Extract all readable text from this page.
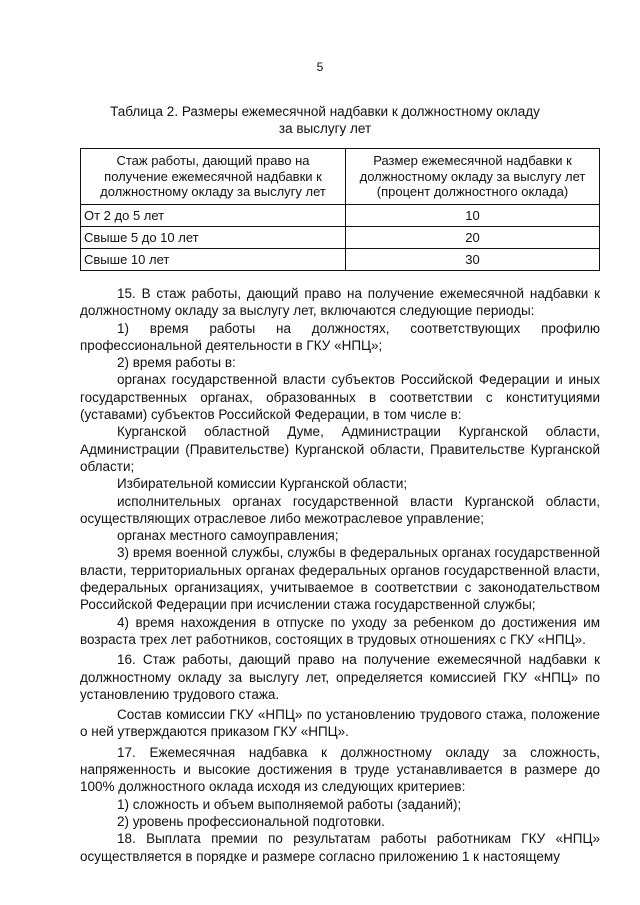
5
Таблица 2. Размеры ежемесячной надбавки к должностному окладу
за выслугу лет
Стаж работы, дающий право на получение ежемесячной надбавки к должностному окладу за выслугу лет	Размер ежемесячной надбавки к должностному окладу за выслугу лет (процент должностного оклада)
От 2 до 5 лет	10
Свыше 5 до 10 лет	20
Свыше 10 лет	30

15. В стаж работы, дающий право на получение ежемесячной надбавки к должностному окладу за выслугу лет, включаются следующие периоды:

1) время работы на должностях, соответствующих профилю профессиональной деятельности в ГКУ «НПЦ»;

2) время работы в:

органах государственной власти субъектов Российской Федерации и иных государственных органах, образованных в соответствии с конституциями (уставами) субъектов Российской Федерации, в том числе в:

Курганской областной Думе, Администрации Курганской области, Администрации (Правительстве) Курганской области, Правительстве Курганской области;

Избирательной комиссии Курганской области;

исполнительных органах государственной власти Курганской области, осуществляющих отраслевое либо межотраслевое управление;

органах местного самоуправления;

3) время военной службы, службы в федеральных органах государственной власти, территориальных органах федеральных органов государственной власти, федеральных организациях, учитываемое в соответствии с законодательством Российской Федерации при исчислении стажа государственной службы;

4) время нахождения в отпуске по уходу за ребенком до достижения им возраста трех лет работников, состоящих в трудовых отношениях с ГКУ «НПЦ».

16. Стаж работы, дающий право на получение ежемесячной надбавки к должностному окладу за выслугу лет, определяется комиссией ГКУ «НПЦ» по установлению трудового стажа.

Состав комиссии ГКУ «НПЦ» по установлению трудового стажа, положение о ней утверждаются приказом ГКУ «НПЦ».

17. Ежемесячная надбавка к должностному окладу за сложность, напряженность и высокие достижения в труде устанавливается в размере до 100% должностного оклада исходя из следующих критериев:

1) сложность и объем выполняемой работы (заданий);

2) уровень профессиональной подготовки.

18. Выплата премии по результатам работы работникам ГКУ «НПЦ» осуществляется в порядке и размере согласно приложению 1 к настоящему
